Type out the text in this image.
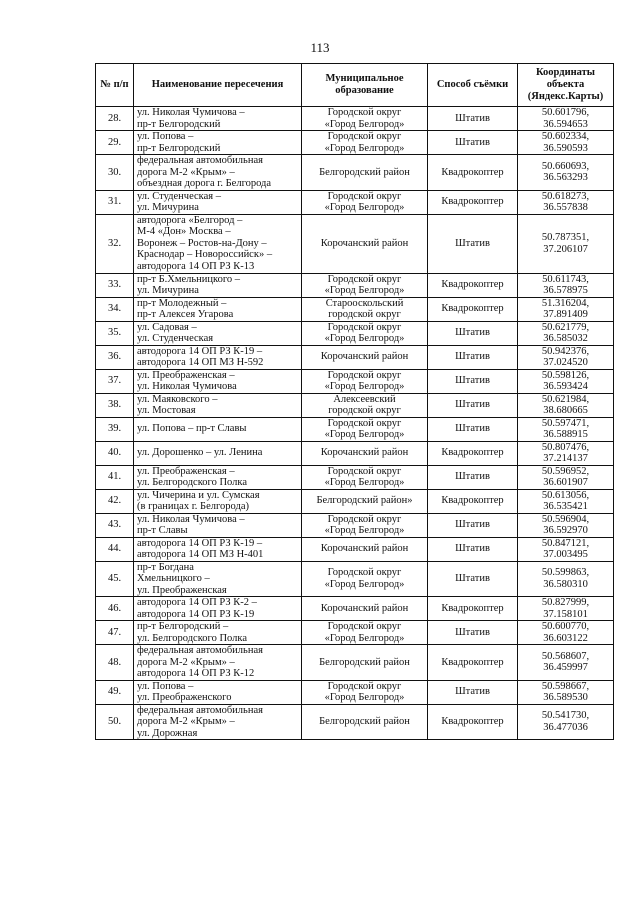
113
№ п/п	Наименование пересечения	Муниципальное образование	Способ съёмки	Координаты объекта (Яндекс.Карты)

28.	ул. Николая Чумичова –
пр-т Белгородский	Городской округ
«Город Белгород»	Штатив	50.601796,
36.594653

29.	ул. Попова –
пр-т Белгородский	Городской округ
«Город Белгород»	Штатив	50.602334,
36.590593

30.	федеральная автомобильная
дорога М-2 «Крым» –
объездная дорога г. Белгорода	Белгородский район	Квадрокоптер	50.660693,
36.563293

31.	ул. Студенческая –
ул. Мичурина	Городской округ
«Город Белгород»	Квадрокоптер	50.618273,
36.557838

32.	автодорога «Белгород –
М-4 «Дон» Москва –
Воронеж – Ростов-на-Дону –
Краснодар – Новороссийск» –
автодорога 14 ОП РЗ К-13	Корочанский район	Штатив	50.787351,
37.206107

33.	пр-т Б.Хмельницкого –
ул. Мичурина	Городской округ
«Город Белгород»	Квадрокоптер	50.611743,
36.578975

34.	пр-т Молодежный –
пр-т Алексея Угарова	Старооскольский
городской округ	Квадрокоптер	51.316204,
37.891409

35.	ул. Садовая –
ул. Студенческая	Городской округ
«Город Белгород»	Штатив	50.621779,
36.585032

36.	автодорога 14 ОП РЗ К-19 –
автодорога 14 ОП МЗ Н-592	Корочанский район	Штатив	50.942376,
37.024520

37.	ул. Преображенская –
ул. Николая Чумичова	Городской округ
«Город Белгород»	Штатив	50.598126,
36.593424

38.	ул. Маяковского –
ул. Мостовая	Алексеевский
городской округ	Штатив	50.621984,
38.680665

39.	ул. Попова – пр-т Славы	Городской округ
«Город Белгород»	Штатив	50.597471,
36.588915

40.	ул. Дорошенко – ул. Ленина	Корочанский район	Квадрокоптер	50.807476,
37.214137

41.	ул. Преображенская –
ул. Белгородского Полка	Городской округ
«Город Белгород»	Штатив	50.596952,
36.601907

42.	ул. Чичерина и ул. Сумская
(в границах г. Белгорода)	Белгородский район»	Квадрокоптер	50.613056,
36.535421

43.	ул. Николая Чумичова –
пр-т Славы	Городской округ
«Город Белгород»	Штатив	50.596904,
36.592970

44.	автодорога 14 ОП РЗ К-19 –
автодорога 14 ОП МЗ Н-401	Корочанский район	Штатив	50.847121,
37.003495

45.	пр-т Богдана
Хмельницкого –
ул. Преображенская	Городской округ
«Город Белгород»	Штатив	50.599863,
36.580310

46.	автодорога 14 ОП РЗ К-2 –
автодорога 14 ОП РЗ К-19	Корочанский район	Квадрокоптер	50.827999,
37.158101

47.	пр-т Белгородский –
ул. Белгородского Полка	Городской округ
«Город Белгород»	Штатив	50.600770,
36.603122

48.	федеральная автомобильная
дорога М-2 «Крым» –
автодорога 14 ОП РЗ К-12	Белгородский район	Квадрокоптер	50.568607,
36.459997

49.	ул. Попова –
ул. Преображенского	Городской округ
«Город Белгород»	Штатив	50.598667,
36.589530

50.	федеральная автомобильная
дорога М-2 «Крым» –
ул. Дорожная	Белгородский район	Квадрокоптер	50.541730,
36.477036
